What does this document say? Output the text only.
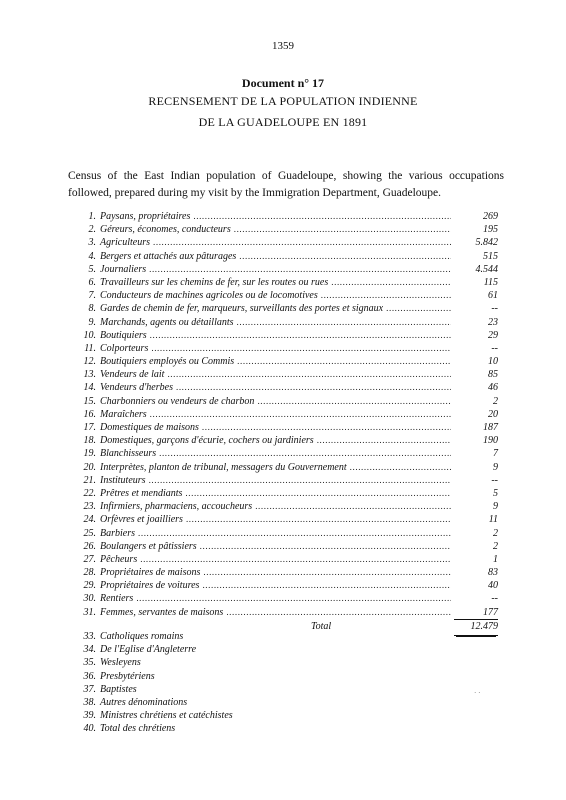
1359
Document n° 17
RECENSEMENT DE LA POPULATION INDIENNE
DE LA GUADELOUPE EN 1891
Census of the East Indian population of Guadeloupe, showing the various occupations followed, prepared during my visit by the Immigration Department, Guadeloupe.
1. Paysans, propriétaires .....	269
2. Géreurs, économes, conducteurs .....	195
3. Agriculteurs .....	5.842
4. Bergers et attachés aux pâturages .....	515
5. Journaliers .....	4.544
6. Travailleurs sur les chemins de fer, sur les routes ou rues .....	115
7. Conducteurs de machines agricoles ou de locomotives .....	61
8. Gardes de chemin de fer, marqueurs, surveillants des portes et signaux .....	--
9. Marchands, agents ou détaillants .....	23
10. Boutiquiers .....	29
11. Colporteurs .....	--
12. Boutiquiers employés ou Commis .....	10
13. Vendeurs de lait .....	85
14. Vendeurs d'herbes .....	46
15. Charbonniers ou vendeurs de charbon .....	2
16. Maraîchers .....	20
17. Domestiques de maisons .....	187
18. Domestiques, garçons d'écurie, cochers ou jardiniers .....	190
19. Blanchisseurs .....	7
20. Interprètes, planton de tribunal, messagers du Gouvernement .....	9
21. Instituteurs .....	--
22. Prêtres et mendiants .....	5
23. Infirmiers, pharmaciens, accoucheurs .....	9
24. Orfèvres et joailliers .....	11
25. Barbiers .....	2
26. Boulangers et pâtissiers .....	2
27. Pêcheurs .....	1
28. Propriétaires de maisons .....	83
29. Propriétaires de voitures .....	40
30. Rentiers .....	--
31. Femmes, servantes de maisons .....	177
Total	12.479
33. Catholiques romains
34. De l'Eglise d'Angleterre
35. Wesleyens
36. Presbytériens
37. Baptistes
38. Autres dénominations
39. Ministres chrétiens et catéchistes
40. Total des chrétiens
· ·
